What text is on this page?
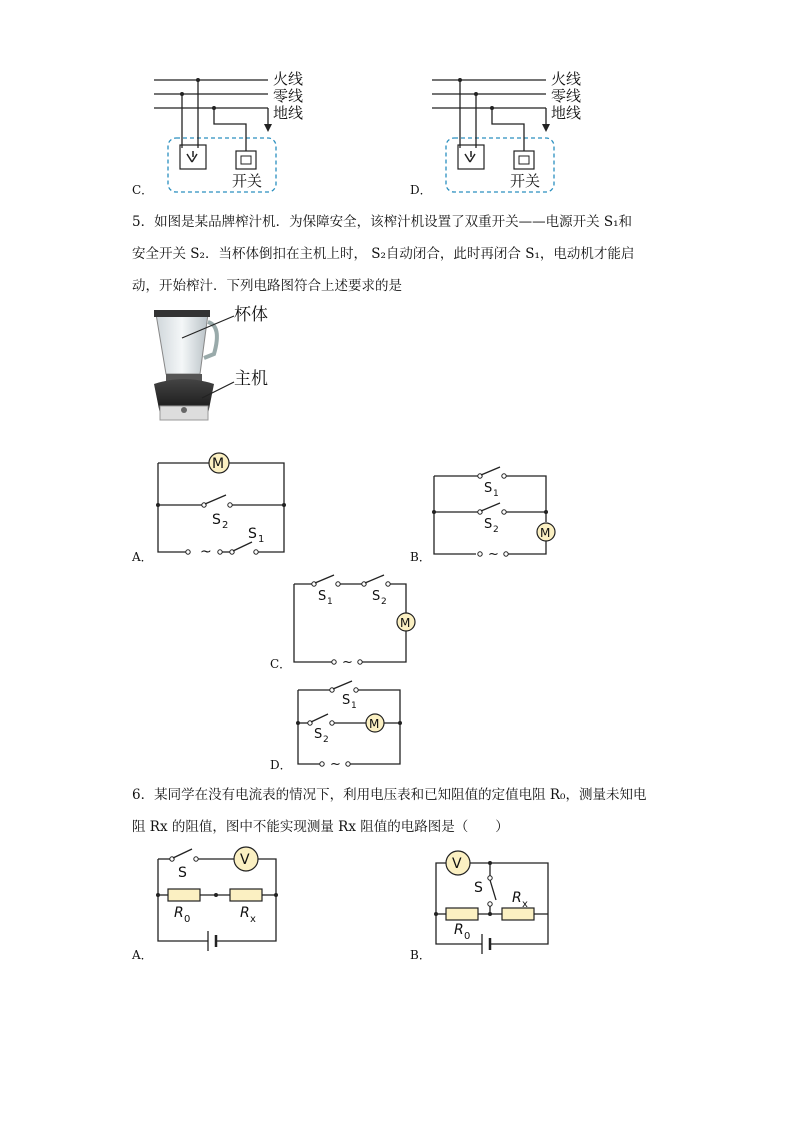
火线
零线
地线
开关
C．
火线
零线
地线
开关
D．
5．如图是某品牌榨汁机．为保障安全，该榨汁机设置了双重开关——电源开关 S₁和
安全开关 S₂．当杯体倒扣在主机上时， S₂自动闭合，此时再闭合 S₁，电动机才能启
动，开始榨汁．下列电路图符合上述要求的是
杯体
主机
M
S 2
~
S 1
A．
S 1
S 2	M
~
B．
S 1	S 2
M
~
C．
S 1
M
S 2
~
D．
6．某同学在没有电流表的情况下，利用电压表和已知阻值的定值电阻 R₀，测量未知电
阻 Rx 的阻值，图中不能实现测量 Rx 阻值的电路图是（　　）
S
V
R 0	R x
A．
V
S
R x
R 0
B．
